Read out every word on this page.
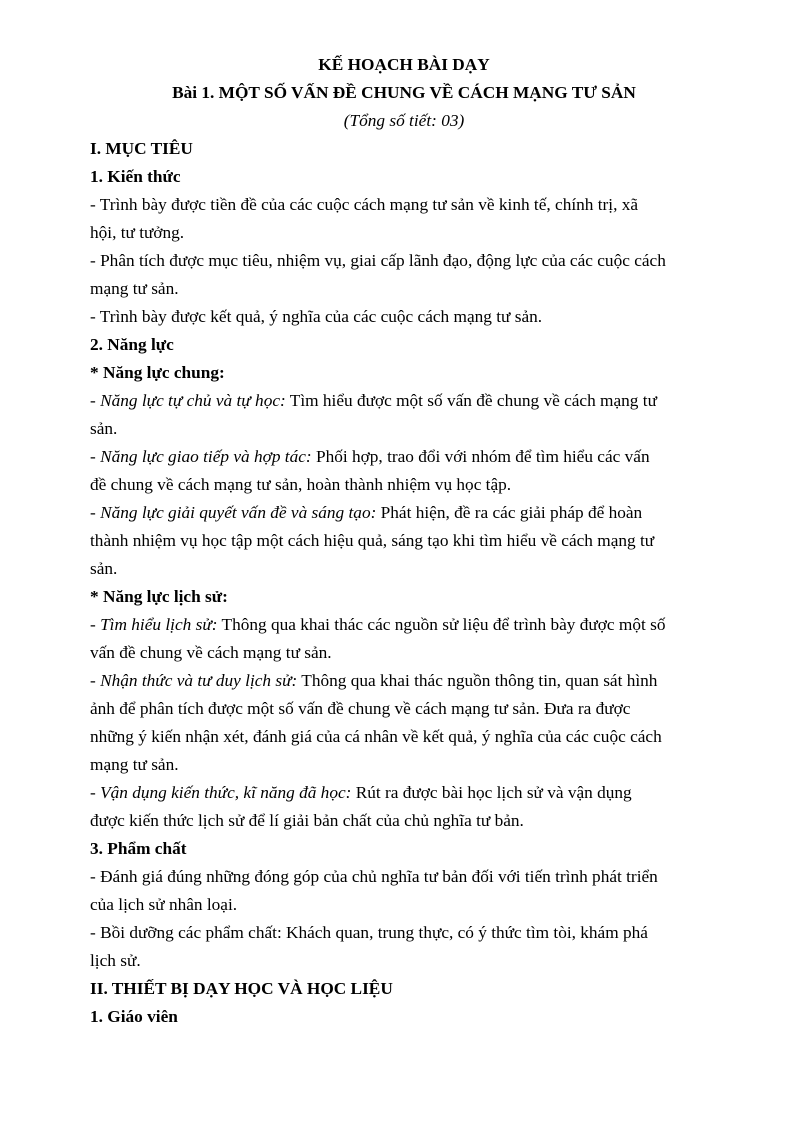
KẾ HOẠCH BÀI DẠY

Bài 1. MỘT SỐ VẤN ĐỀ CHUNG VỀ CÁCH MẠNG TƯ SẢN

(Tổng số tiết: 03)

I. MỤC TIÊU

1. Kiến thức

- Trình bày được tiền đề của các cuộc cách mạng tư sản về kinh tế, chính trị, xã

hội, tư tưởng.

- Phân tích được mục tiêu, nhiệm vụ, giai cấp lãnh đạo, động lực của các cuộc cách

mạng tư sản.

- Trình bày được kết quả, ý nghĩa của các cuộc cách mạng tư sản.

2. Năng lực

* Năng lực chung:

- Năng lực tự chủ và tự học: Tìm hiểu được một số vấn đề chung về cách mạng tư

sản.

- Năng lực giao tiếp và hợp tác: Phối hợp, trao đổi với nhóm để tìm hiểu các vấn

đề chung về cách mạng tư sản, hoàn thành nhiệm vụ học tập.

- Năng lực giải quyết vấn đề và sáng tạo: Phát hiện, đề ra các giải pháp để hoàn

thành nhiệm vụ học tập một cách hiệu quả, sáng tạo khi tìm hiểu về cách mạng tư

sản.

* Năng lực lịch sử:

- Tìm hiểu lịch sử: Thông qua khai thác các nguồn sử liệu để trình bày được một số

vấn đề chung về cách mạng tư sản.

- Nhận thức và tư duy lịch sử: Thông qua khai thác nguồn thông tin, quan sát hình

ảnh để phân tích được một số vấn đề chung về cách mạng tư sản. Đưa ra được

những ý kiến nhận xét, đánh giá của cá nhân về kết quả, ý nghĩa của các cuộc cách

mạng tư sản.

- Vận dụng kiến thức, kĩ năng đã học: Rút ra được bài học lịch sử và vận dụng

được kiến thức lịch sử để lí giải bản chất của chủ nghĩa tư bản.

3. Phẩm chất

- Đánh giá đúng những đóng góp của chủ nghĩa tư bản đối với tiến trình phát triển

của lịch sử nhân loại.

- Bồi dưỡng các phẩm chất: Khách quan, trung thực, có ý thức tìm tòi, khám phá

lịch sử.

II. THIẾT BỊ DẠY HỌC VÀ HỌC LIỆU

1. Giáo viên
